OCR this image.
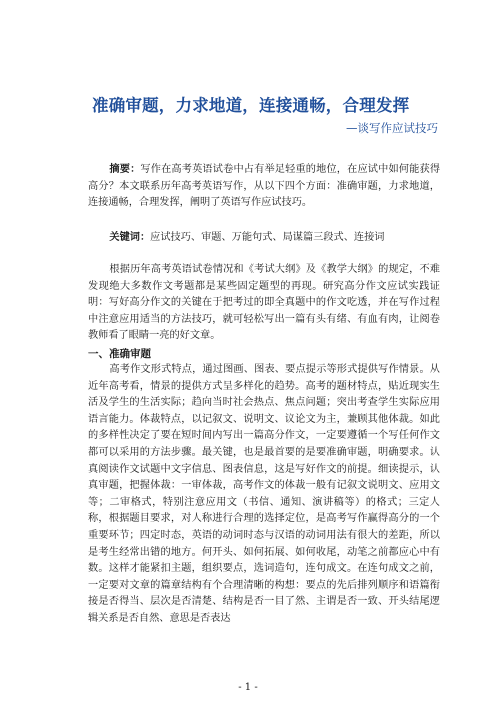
准确审题，力求地道，连接通畅，合理发挥
—谈写作应试技巧
摘要：写作在高考英语试卷中占有举足轻重的地位，在应试中如何能获得高分？本文联系历年高考英语写作，从以下四个方面：准确审题，力求地道，连接通畅，合理发挥，阐明了英语写作应试技巧。
关键词：应试技巧、审题、万能句式、局谋篇三段式、连接词
根据历年高考英语试卷情况和《考试大纲》及《教学大纲》的规定，不难发现绝大多数作文考题都是某些固定题型的再现。研究高分作文应试实践证明：写好高分作文的关键在于把考过的即全真题中的作文吃透，并在写作过程中注意应用适当的方法技巧，就可轻松写出一篇有头有绪、有血有肉，让阅卷教师看了眼睛一亮的好文章。
一、准确审题
高考作文形式特点，通过图画、图表、要点提示等形式提供写作情景。从近年高考看，情景的提供方式呈多样化的趋势。高考的题材特点，贴近现实生活及学生的生活实际；趋向当时社会热点、焦点问题；突出考查学生实际应用语言能力。体裁特点，以记叙文、说明文、议论文为主，兼顾其他体裁。如此的多样性决定了要在短时间内写出一篇高分作文，一定要遵循一个写任何作文都可以采用的方法步骤。最关键，也是最首要的是要准确审题，明确要求。认真阅读作文试题中文字信息、图表信息，这是写好作文的前提。细读提示，认真审题，把握体裁：一审体裁，高考作文的体裁一般有记叙文说明文、应用文等；二审格式，特别注意应用文（书信、通知、演讲稿等）的格式；三定人称，根据题目要求，对人称进行合理的选择定位，是高考写作赢得高分的一个重要环节；四定时态，英语的动词时态与汉语的动词用法有很大的差距，所以是考生经常出错的地方。何开头、如何拓展、如何收尾，动笔之前都应心中有数。这样才能紧扣主题，组织要点，选词造句，连句成文。在连句成文之前，一定要对文章的篇章结构有个合理清晰的构想：要点的先后排列顺序和语篇衔接是否得当、层次是否清楚、结构是否一目了然、主谓是否一致、开头结尾逻辑关系是否自然、意思是否表达
- 1 -
